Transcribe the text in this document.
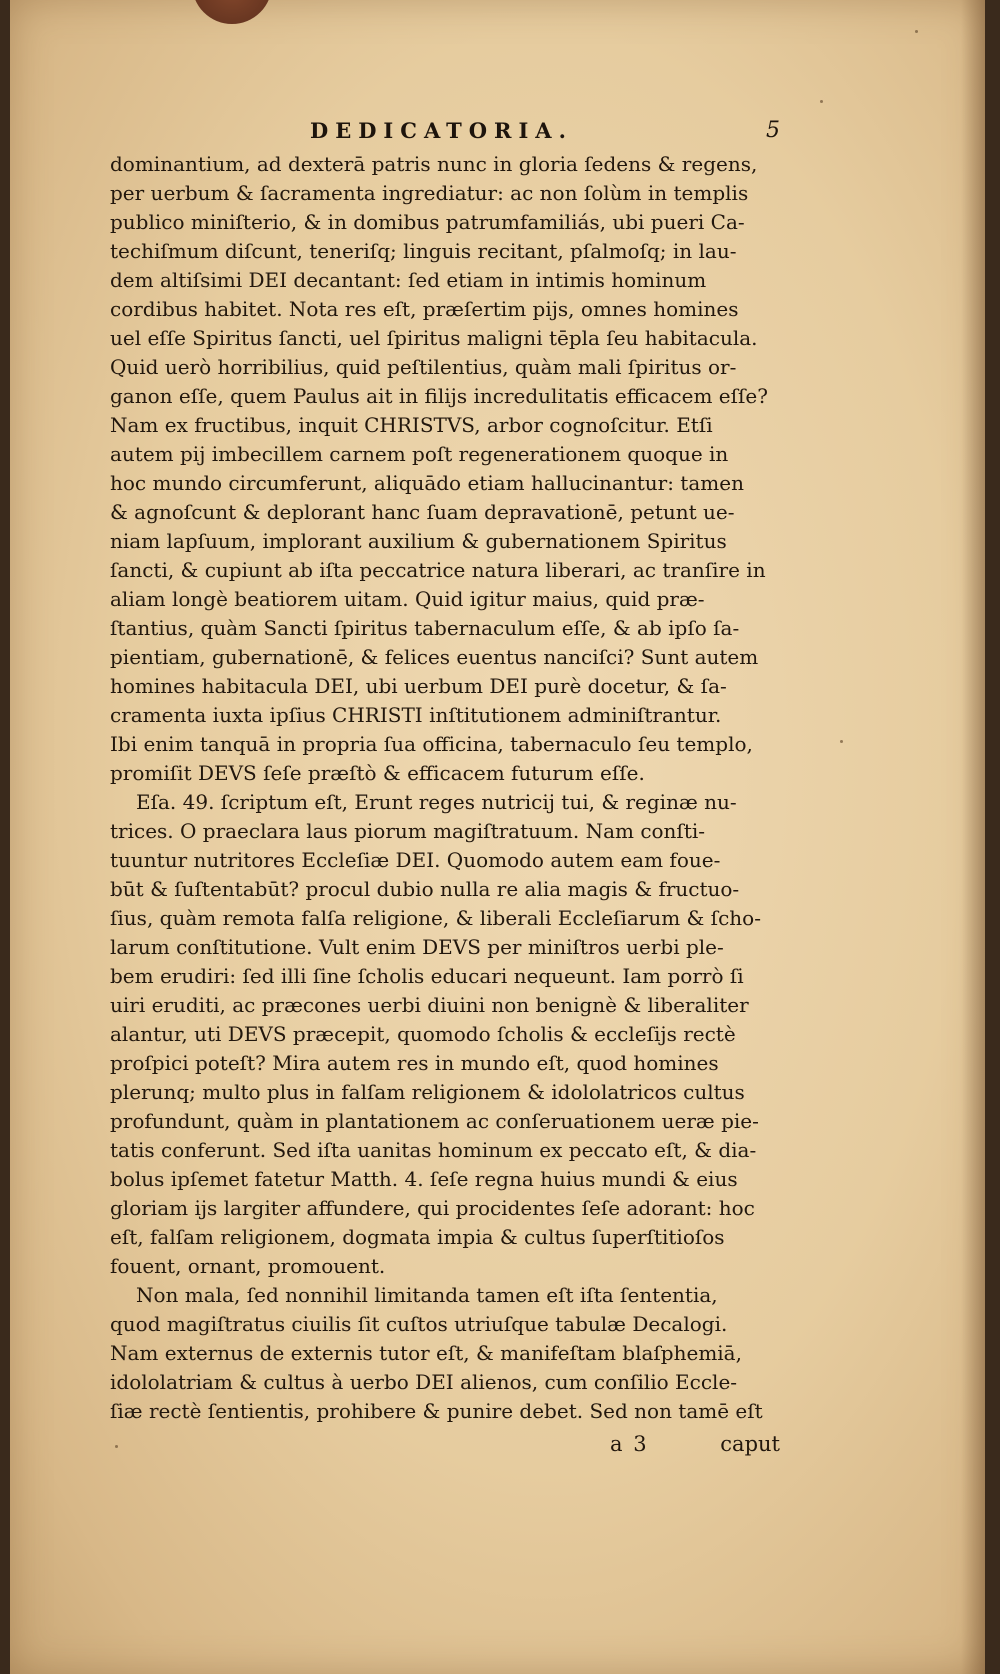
DEDICATORIA.	5
dominantium, ad dexterā patris nunc in gloria ſedens & regens,
per uerbum & ſacramenta ingrediatur: ac non ſolùm in templis
publico miniſterio, & in domibus patrumfamiliás, ubi pueri Ca-
techiſmum diſcunt, teneriſq; linguis recitant, pſalmoſq; in lau-
dem altiſsimi DEI decantant: ſed etiam in intimis hominum
cordibus habitet. Nota res eſt, præſertim pijs, omnes homines
uel eſſe Spiritus ſancti, uel ſpiritus maligni tēpla ſeu habitacula.
Quid uerò horribilius, quid peſtilentius, quàm mali ſpiritus or-
ganon eſſe, quem Paulus ait in filijs incredulitatis efficacem eſſe?
Nam ex fructibus, inquit CHRISTVS, arbor cognoſcitur. Etſi
autem pij imbecillem carnem poſt regenerationem quoque in
hoc mundo circumferunt, aliquādo etiam hallucinantur: tamen
& agnoſcunt & deplorant hanc ſuam depravationē, petunt ue-
niam lapſuum, implorant auxilium & gubernationem Spiritus
ſancti, & cupiunt ab iſta peccatrice natura liberari, ac tranſire in
aliam longè beatiorem uitam. Quid igitur maius, quid præ-
ſtantius, quàm Sancti ſpiritus tabernaculum eſſe, & ab ipſo ſa-
pientiam, gubernationē, & felices euentus nanciſci? Sunt autem
homines habitacula DEI, ubi uerbum DEI purè docetur, & ſa-
cramenta iuxta ipſius CHRISTI inſtitutionem adminiſtrantur.
Ibi enim tanquā in propria ſua officina, tabernaculo ſeu templo,
promiſit DEVS ſeſe præſtò & efficacem futurum eſſe.
Eſa. 49. ſcriptum eſt, Erunt reges nutricij tui, & reginæ nu-
trices. O praeclara laus piorum magiſtratuum. Nam conſti-
tuuntur nutritores Eccleſiæ DEI. Quomodo autem eam foue-
būt & ſuſtentabūt? procul dubio nulla re alia magis & fructuo-
ſius, quàm remota falſa religione, & liberali Eccleſiarum & ſcho-
larum conſtitutione. Vult enim DEVS per miniſtros uerbi ple-
bem erudiri: ſed illi ſine ſcholis educari nequeunt. Iam porrò ſi
uiri eruditi, ac præcones uerbi diuini non benignè & liberaliter
alantur, uti DEVS præcepit, quomodo ſcholis & eccleſijs rectè
proſpici poteſt? Mira autem res in mundo eſt, quod homines
plerunq; multo plus in falſam religionem & idololatricos cultus
profundunt, quàm in plantationem ac conſeruationem ueræ pie-
tatis conferunt. Sed iſta uanitas hominum ex peccato eſt, & dia-
bolus ipſemet fatetur Matth. 4. ſeſe regna huius mundi & eius
gloriam ijs largiter affundere, qui procidentes ſeſe adorant: hoc
eſt, falſam religionem, dogmata impia & cultus ſuperſtitioſos
fouent, ornant, promouent.
Non mala, ſed nonnihil limitanda tamen eſt iſta ſententia,
quod magiſtratus ciuilis ſit cuſtos utriuſque tabulæ Decalogi.
Nam externus de externis tutor eſt, & manifeſtam blaſphemiā,
idololatriam & cultus à uerbo DEI alienos, cum conſilio Eccle-
ſiæ rectè ſentientis, prohibere & punire debet. Sed non tamē eſt
a 3	caput
